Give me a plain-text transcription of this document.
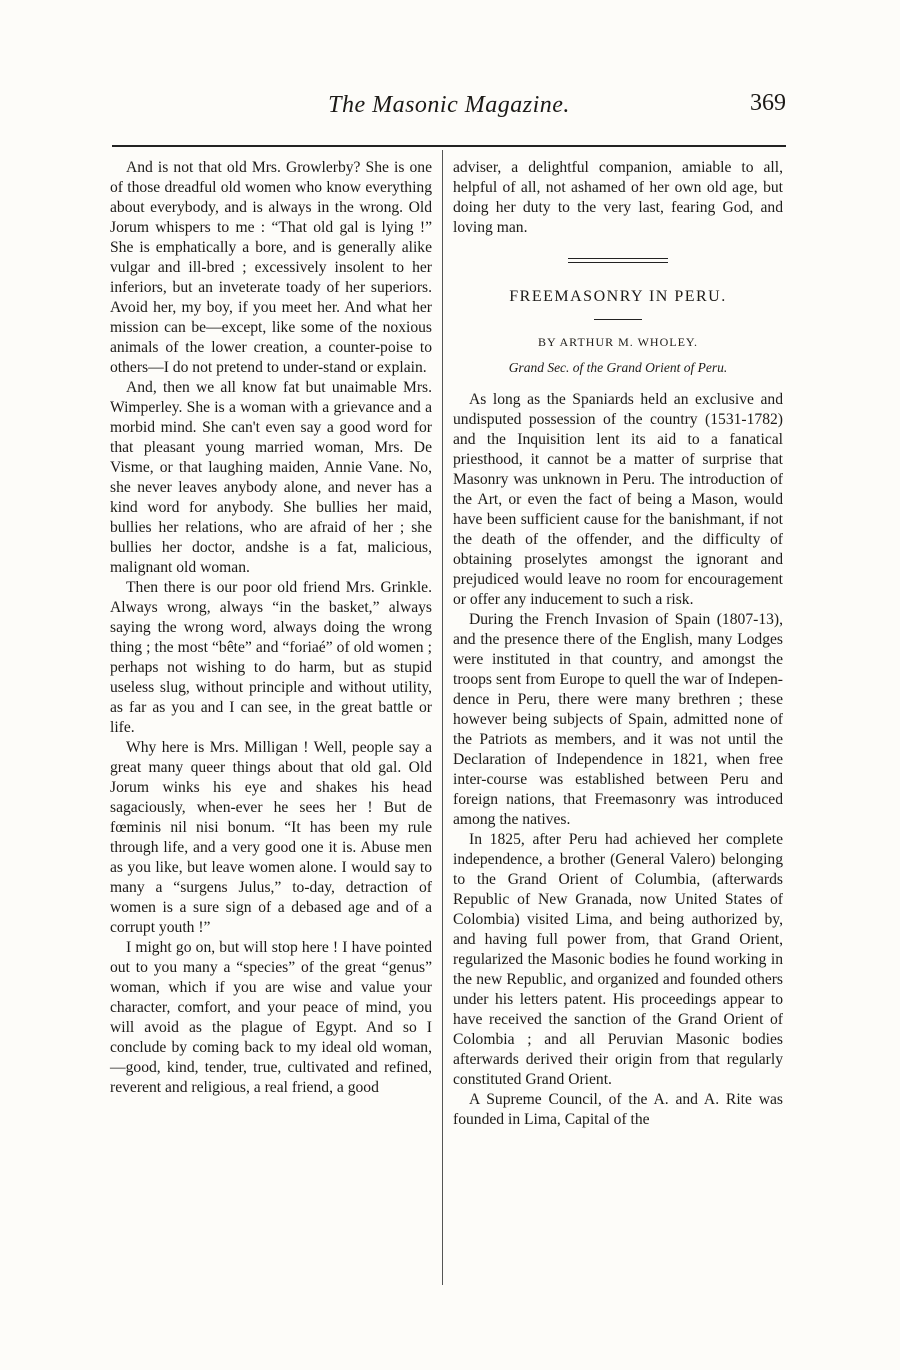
The Masonic Magazine.	369

And is not that old Mrs. Growlerby? She is one of those dreadful old women who know everything about everybody, and is always in the wrong. Old Jorum whispers to me : “That old gal is lying !” She is emphatically a bore, and is generally alike vulgar and ill-bred ; excessively insolent to her inferiors, but an inveterate toady of her superiors. Avoid her, my boy, if you meet her. And what her mission can be—except, like some of the noxious animals of the lower creation, a counter-poise to others—I do not pretend to under-stand or explain.

And, then we all know fat but unaimable Mrs. Wimperley. She is a woman with a grievance and a morbid mind. She can't even say a good word for that pleasant young married woman, Mrs. De Visme, or that laughing maiden, Annie Vane. No, she never leaves anybody alone, and never has a kind word for anybody. She bullies her maid, bullies her relations, who are afraid of her ; she bullies her doctor, andshe is a fat, malicious, malignant old woman.

Then there is our poor old friend Mrs. Grinkle. Always wrong, always “in the basket,” always saying the wrong word, always doing the wrong thing ; the most “bête” and “foriaé” of old women ; perhaps not wishing to do harm, but as stupid useless slug, without principle and without utility, as far as you and I can see, in the great battle or life.

Why here is Mrs. Milligan ! Well, people say a great many queer things about that old gal. Old Jorum winks his eye and shakes his head sagaciously, when-ever he sees her ! But de fœminis nil nisi bonum. “It has been my rule through life, and a very good one it is. Abuse men as you like, but leave women alone. I would say to many a “surgens Julus,” to-day, detraction of women is a sure sign of a debased age and of a corrupt youth !”

I might go on, but will stop here ! I have pointed out to you many a “species” of the great “genus” woman, which if you are wise and value your character, comfort, and your peace of mind, you will avoid as the plague of Egypt. And so I conclude by coming back to my ideal old woman,—good, kind, tender, true, cultivated and refined, reverent and religious, a real friend, a good

adviser, a delightful companion, amiable to all, helpful of all, not ashamed of her own old age, but doing her duty to the very last, fearing God, and loving man.

FREEMASONRY IN PERU.
BY ARTHUR M. WHOLEY.
Grand Sec. of the Grand Orient of Peru.

As long as the Spaniards held an exclusive and undisputed possession of the country (1531-1782) and the Inquisition lent its aid to a fanatical priesthood, it cannot be a matter of surprise that Masonry was unknown in Peru. The introduction of the Art, or even the fact of being a Mason, would have been sufficient cause for the banishmant, if not the death of the offender, and the difficulty of obtaining proselytes amongst the ignorant and prejudiced would leave no room for encouragement or offer any inducement to such a risk.

During the French Invasion of Spain (1807-13), and the presence there of the English, many Lodges were instituted in that country, and amongst the troops sent from Europe to quell the war of Indepen-dence in Peru, there were many brethren ; these however being subjects of Spain, admitted none of the Patriots as members, and it was not until the Declaration of Independence in 1821, when free inter-course was established between Peru and foreign nations, that Freemasonry was introduced among the natives.

In 1825, after Peru had achieved her complete independence, a brother (General Valero) belonging to the Grand Orient of Columbia, (afterwards Republic of New Granada, now United States of Colombia) visited Lima, and being authorized by, and having full power from, that Grand Orient, regularized the Masonic bodies he found working in the new Republic, and organized and founded others under his letters patent. His proceedings appear to have received the sanction of the Grand Orient of Colombia ; and all Peruvian Masonic bodies afterwards derived their origin from that regularly constituted Grand Orient.

A Supreme Council, of the A. and A. Rite was founded in Lima, Capital of the
